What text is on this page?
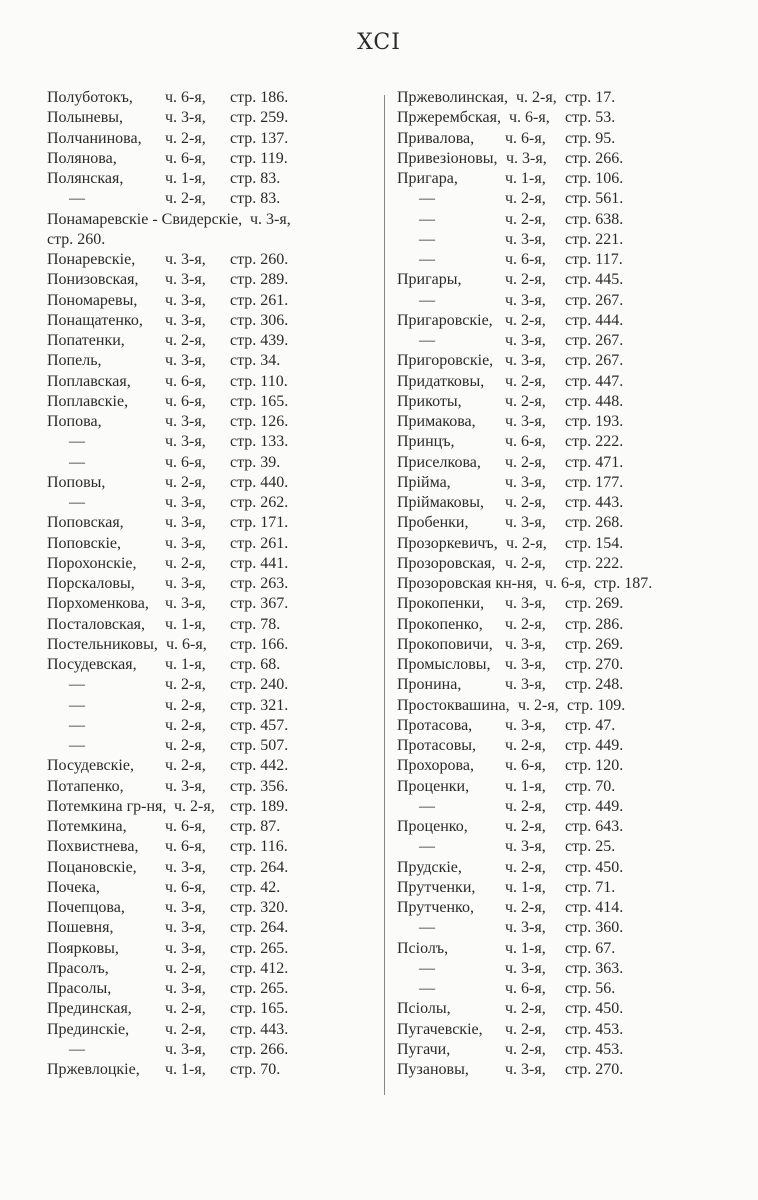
XCI
Полуботокъ, ч. 6-я, стр. 186.
Полыневы,	ч. 3-я, стр. 259.
Полчанинова, ч. 2-я, стр. 137.
Полянова,	ч. 6-я, стр. 119.
Полянская,	ч. 1-я, стр. 83.
—	ч. 2-я, стр. 83.
Понамаревскіе - Свидерскіе, ч. 3-я,
стр. 260.
Понаревскіе, ч. 3-я, стр. 260.
Понизовская, ч. 3-я, стр. 289.
Пономаревы, ч. 3-я, стр. 261.
Понащатенко, ч. 3-я, стр. 306.
Попатенки,	ч. 2-я, стр. 439.
Попель,	ч. 3-я, стр. 34.
Поплавская, ч. 6-я, стр. 110.
Поплавскіе, ч. 6-я, стр. 165.
Попова,	ч. 3-я, стр. 126.
—	ч. 3-я, стр. 133.
—	ч. 6-я, стр. 39.
Поповы,	ч. 2-я, стр. 440.
—	ч. 3-я, стр. 262.
Поповская,	ч. 3-я, стр. 171.
Поповскіе,	ч. 3-я, стр. 261.
Порохонскіе, ч. 2-я, стр. 441.
Порскаловы, ч. 3-я, стр. 263.
Порхоменкова, ч. 3-я, стр. 367.
Посталовская, ч. 1-я, стр. 78.
Постельниковы, ч. 6-я, стр. 166.
Посудевская, ч. 1-я, стр. 68.
—	ч. 2-я, стр. 240.
—	ч. 2-я, стр. 321.
—	ч. 2-я, стр. 457.
—	ч. 2-я, стр. 507.
Посудевскіе, ч. 2-я, стр. 442.
Потапенко,	ч. 3-я, стр. 356.
Потемкина гр-ня, ч. 2-я, стр. 189.
Потемкина, ч. 6-я, стр. 87.
Похвистнева, ч. 6-я, стр. 116.
Поцановскіе, ч. 3-я, стр. 264.
Почека,	ч. 6-я, стр. 42.
Почепцова,	ч. 3-я, стр. 320.
Пошевня,	ч. 3-я, стр. 264.
Поярковы,	ч. 3-я, стр. 265.
Прасолъ,	ч. 2-я, стр. 412.
Прасолы,	ч. 3-я, стр. 265.
Прединская, ч. 2-я, стр. 165.
Прединскіе, ч. 2-я, стр. 443.
—	ч. 3-я, стр. 266.
Пржевлоцкіе, ч. 1-я, стр. 70.
Пржеволинская, ч. 2-я, стр. 17.
Пржерембская, ч. 6-я, стр. 53.
Привалова, ч. 6-я, стр. 95.
Привезіоновы, ч. 3-я, стр. 266.
Пригара,	ч. 1-я, стр. 106.
—	ч. 2-я, стр. 561.
—	ч. 2-я, стр. 638.
—	ч. 3-я, стр. 221.
—	ч. 6-я, стр. 117.
Пригары,	ч. 2-я, стр. 445.
—	ч. 3-я, стр. 267.
Пригаровскіе, ч. 2-я, стр. 444.
—	ч. 3-я, стр. 267.
Пригоровскіе, ч. 3-я, стр. 267.
Придатковы, ч. 2-я, стр. 447.
Прикоты,	ч. 2-я, стр. 448.
Примакова, ч. 3-я, стр. 193.
Принцъ,	ч. 6-я, стр. 222.
Приселкова, ч. 2-я, стр. 471.
Прійма,	ч. 3-я, стр. 177.
Пріймаковы, ч. 2-я, стр. 443.
Пробенки, ч. 3-я, стр. 268.
Прозоркевичъ, ч. 2-я, стр. 154.
Прозоровская, ч. 2-я, стр. 222.
Прозоровская кн-ня, ч. 6-я, стр. 187.
Прокопенки, ч. 3-я, стр. 269.
Прокопенко, ч. 2-я, стр. 286.
Прокоповичи, ч. 3-я, стр. 269.
Промысловы, ч. 3-я, стр. 270.
Пронина,	ч. 3-я, стр. 248.
Простоквашина, ч. 2-я, стр. 109.
Протасова, ч. 3-я, стр. 47.
Протасовы, ч. 2-я, стр. 449.
Прохорова, ч. 6-я, стр. 120.
Проценки, ч. 1-я, стр. 70.
—	ч. 2-я, стр. 449.
Проценко, ч. 2-я, стр. 643.
—	ч. 3-я, стр. 25.
Прудскіе,	ч. 2-я, стр. 450.
Прутченки, ч. 1-я, стр. 71.
Прутченко, ч. 2-я, стр. 414.
—	ч. 3-я, стр. 360.
Псіолъ,	ч. 1-я, стр. 67.
—	ч. 3-я, стр. 363.
—	ч. 6-я, стр. 56.
Псіолы,	ч. 2-я, стр. 450.
Пугачевскіе, ч. 2-я, стр. 453.
Пугачи,	ч. 2-я, стр. 453.
Пузановы, ч. 3-я, стр. 270.
